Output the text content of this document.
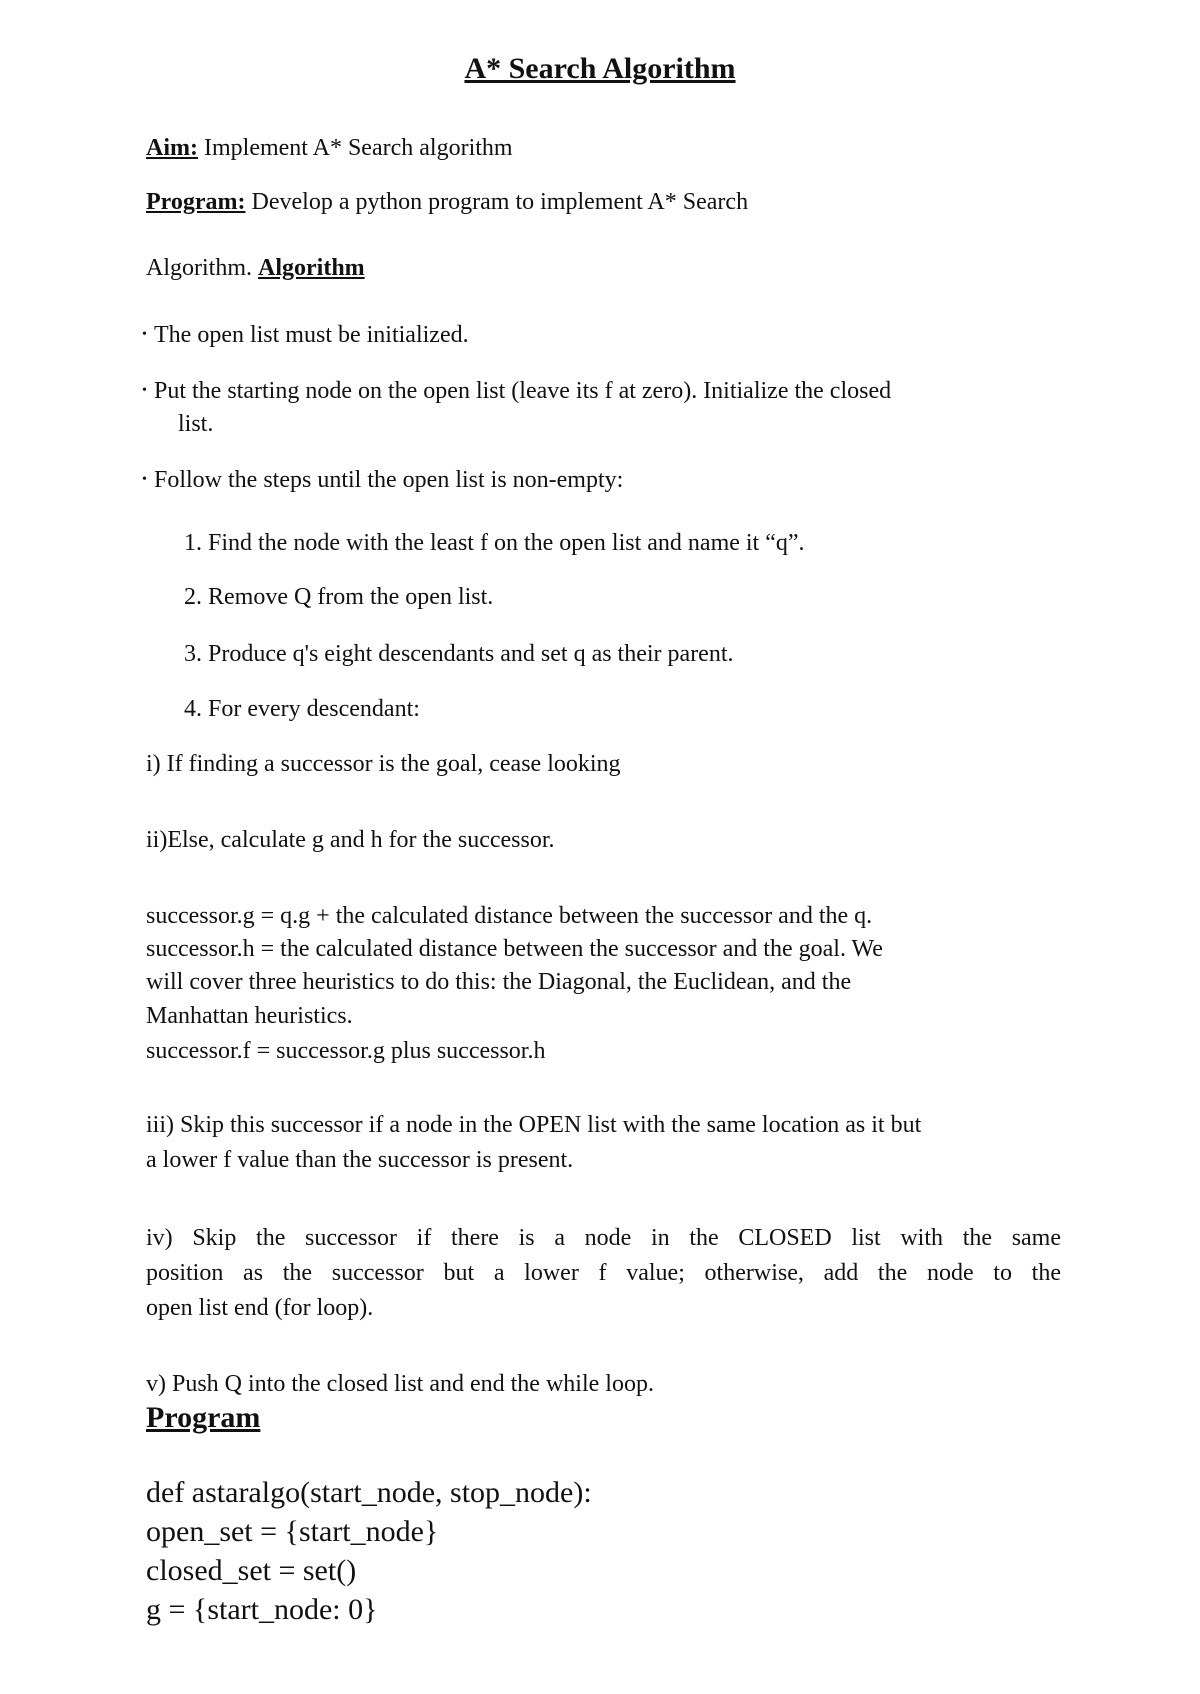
A* Search Algorithm
Aim: Implement A* Search algorithm
Program: Develop a python program to implement A* Search
Algorithm. Algorithm
• The open list must be initialized.
• Put the starting node on the open list (leave its f at zero). Initialize the closed
list.
• Follow the steps until the open list is non-empty:
1. Find the node with the least f on the open list and name it “q”.
2. Remove Q from the open list.
3. Produce q's eight descendants and set q as their parent.
4. For every descendant:
i) If finding a successor is the goal, cease looking
ii)Else, calculate g and h for the successor.
successor.g = q.g + the calculated distance between the successor and the q.
successor.h = the calculated distance between the successor and the goal. We
will cover three heuristics to do this: the Diagonal, the Euclidean, and the
Manhattan heuristics.
successor.f = successor.g plus successor.h
iii) Skip this successor if a node in the OPEN list with the same location as it but
a lower f value than the successor is present.
iv) Skip the successor if there is a node in the CLOSED list with the same
position as the successor but a lower f value; otherwise, add the node to the
open list end (for loop).
v) Push Q into the closed list and end the while loop.
Program
def astaralgo(start_node, stop_node):
open_set = {start_node}
closed_set = set()
g = {start_node: 0}
